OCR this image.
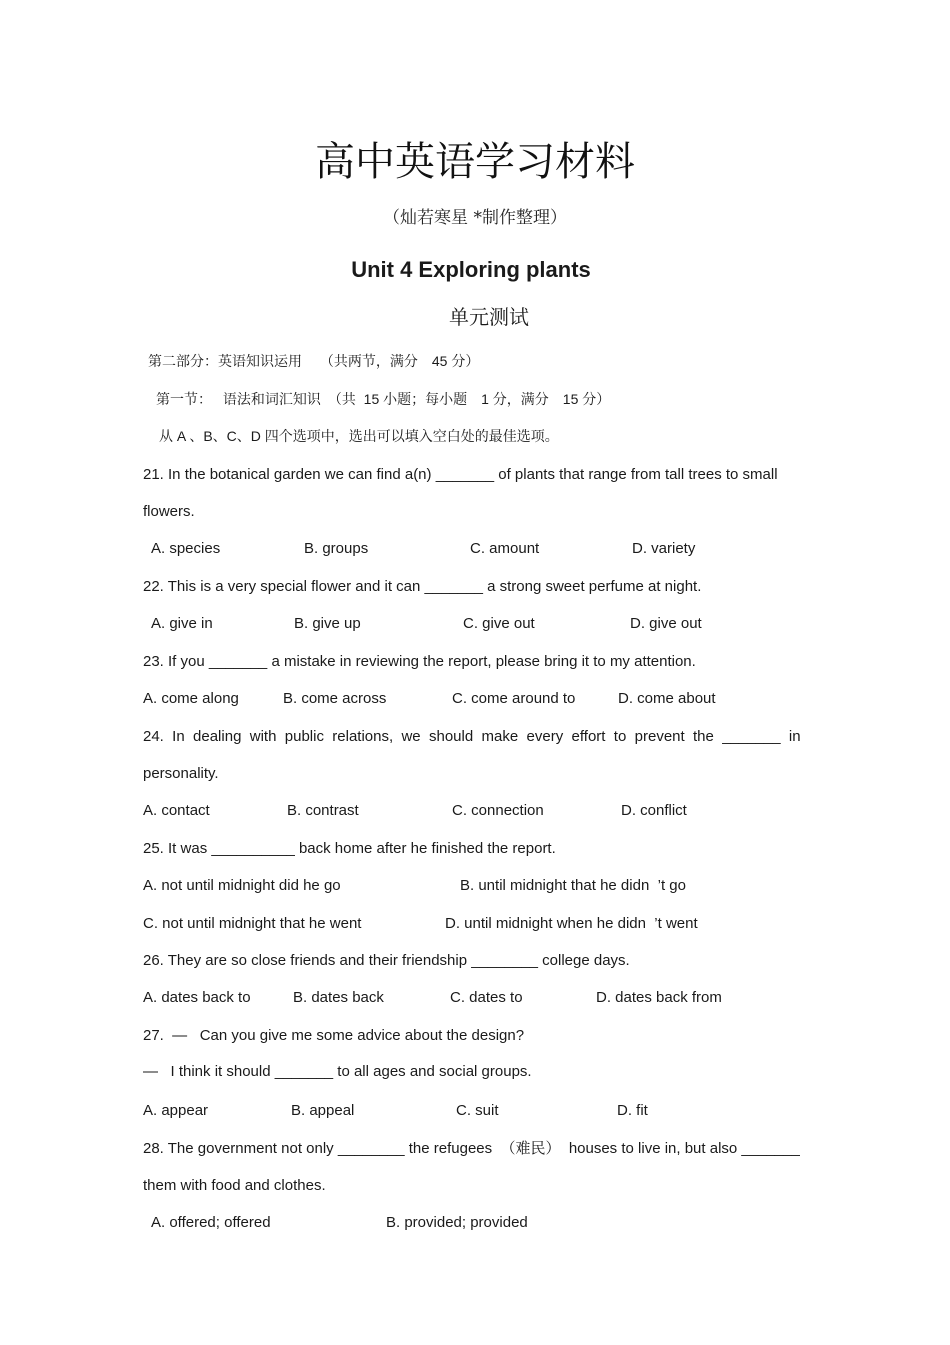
高中英语学习材料
（灿若寒星 *制作整理）
Unit 4 Exploring plants
单元测试
第二部分：英语知识运用　 （共两节，满分　45 分）
第一节：　 语法和词汇知识　（共  15 小题；每小题　1 分，满分　15 分）
从 A 、B、C、D 四个选项中，选出可以填入空白处的最佳选项。
21. In the botanical garden we can find a(n) _______ of plants that range from tall trees to small
flowers.
A. species	B. groups	C. amount	D. variety
22. This is a very special flower and it can _______ a strong sweet perfume at night.
A. give in	B. give up	C. give out	D. give out
23. If you _______ a mistake in reviewing the report, please bring it to my attention.
A. come along	B. come across	C. come around to	D. come about
24.  In  dealing  with  public  relations,  we  should  make  every  effort  to  prevent  the  _______  in
personality.
A. contact	B. contrast	C. connection	D. conflict
25. It was __________ back home after he finished the report.
A. not until midnight did he go	B. until midnight that he didn  ’t go
C. not until midnight that he went	D. until midnight when he didn  ’t went
26. They are so close friends and their friendship ________ college days.
A. dates back to	B. dates back	C. dates to	D. dates back from
27.  —   Can you give me some advice about the design?
—   I think it should _______ to all ages and social groups.
A. appear	B. appeal	C. suit	D. fit
28. The government not only ________ the refugees  （难民）  houses to live in, but also _______
them with food and clothes.
A. offered; offered	B. provided; provided
